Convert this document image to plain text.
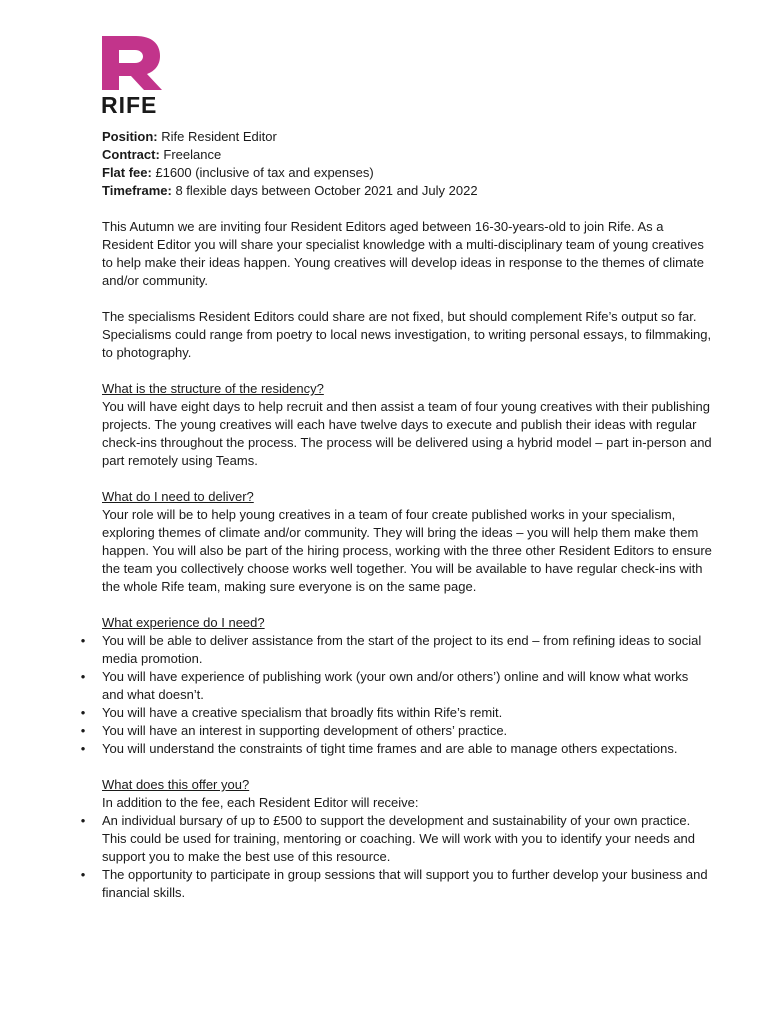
RIFE

Position: Rife Resident Editor

Contract: Freelance

Flat fee: £1600 (inclusive of tax and expenses)

Timeframe: 8 flexible days between October 2021 and July 2022

This Autumn we are inviting four Resident Editors aged between 16-30-years-old to join Rife. As a Resident Editor you will share your specialist knowledge with a multi-disciplinary team of young creatives to help make their ideas happen. Young creatives will develop ideas in response to the themes of climate and/or community.

The specialisms Resident Editors could share are not fixed, but should complement Rife’s output so far. Specialisms could range from poetry to local news investigation, to writing personal essays, to filmmaking, to photography.

What is the structure of the residency?

You will have eight days to help recruit and then assist a team of four young creatives with their publishing projects. The young creatives will each have twelve days to execute and publish their ideas with regular check-ins throughout the process. The process will be delivered using a hybrid model – part in-person and part remotely using Teams.

What do I need to deliver?

Your role will be to help young creatives in a team of four create published works in your specialism, exploring themes of climate and/or community. They will bring the ideas – you will help them make them happen. You will also be part of the hiring process, working with the three other Resident Editors to ensure the team you collectively choose works well together. You will be available to have regular check-ins with the whole Rife team, making sure everyone is on the same page.

What experience do I need?

• You will be able to deliver assistance from the start of the project to its end – from refining ideas to social media promotion.
• You will have experience of publishing work (your own and/or others’) online and will know what works and what doesn’t.
• You will have a creative specialism that broadly fits within Rife’s remit.
• You will have an interest in supporting development of others’ practice.
• You will understand the constraints of tight time frames and are able to manage others expectations.

What does this offer you?

In addition to the fee, each Resident Editor will receive:

• An individual bursary of up to £500 to support the development and sustainability of your own practice. This could be used for training, mentoring or coaching. We will work with you to identify your needs and support you to make the best use of this resource.
• The opportunity to participate in group sessions that will support you to further develop your business and financial skills.
